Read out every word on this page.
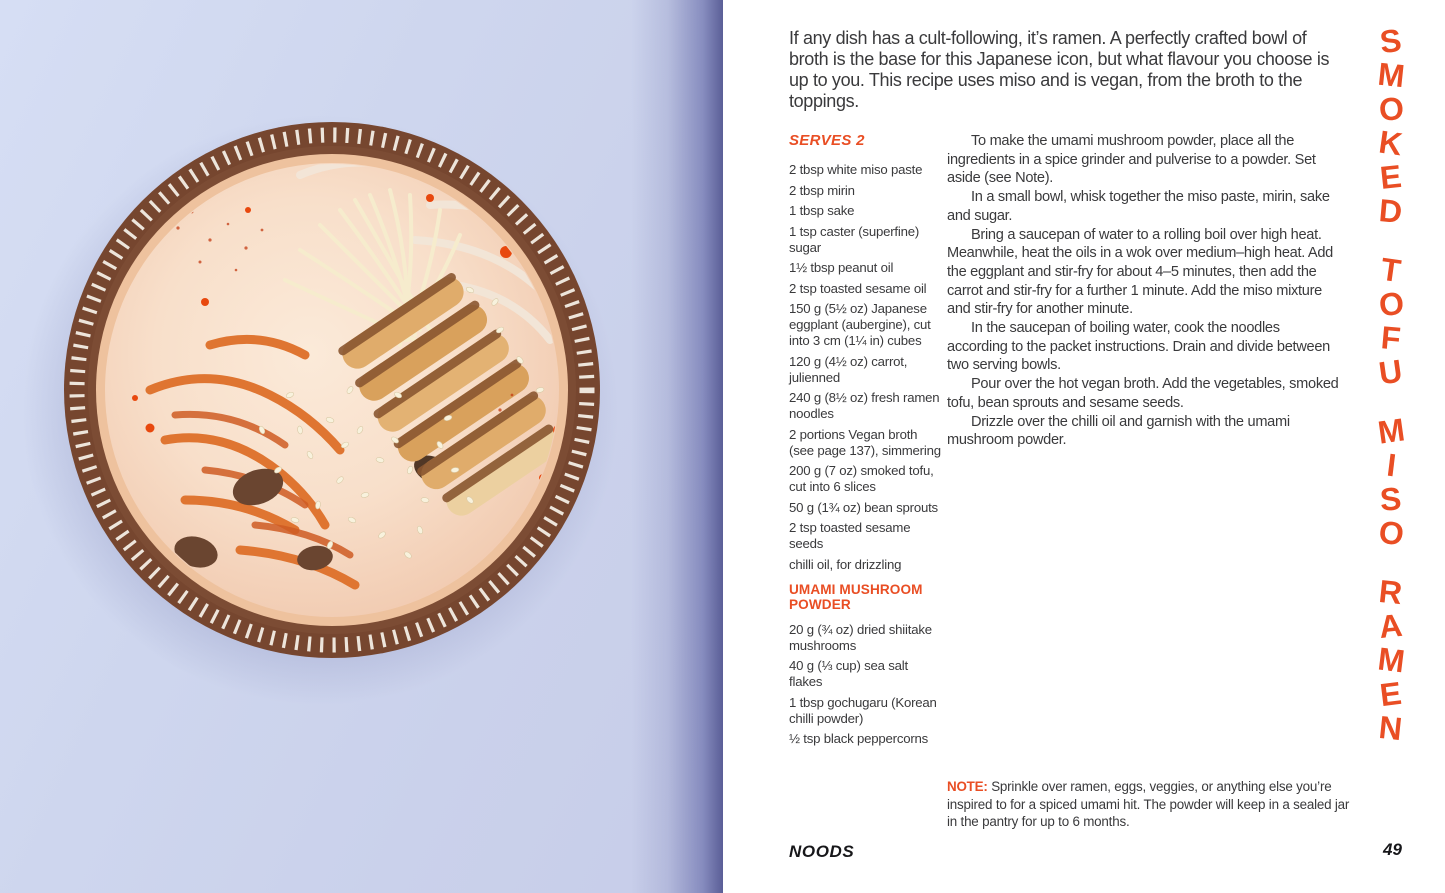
If any dish has a cult-following, it’s ramen. A perfectly crafted bowl of broth is the base for this Japanese icon, but what flavour you choose is up to you. This recipe uses miso and is vegan, from the broth to the toppings.

SERVES 2
2 tbsp white miso paste
2 tbsp mirin
1 tbsp sake
1 tsp caster (superfine) sugar
1½ tbsp peanut oil
2 tsp toasted sesame oil
150 g (5½ oz) Japanese eggplant (aubergine), cut into 3 cm (1¼ in) cubes
120 g (4½ oz) carrot, julienned
240 g (8½ oz) fresh ramen noodles
2 portions Vegan broth (see page 137), simmering
200 g (7 oz) smoked tofu, cut into 6 slices
50 g (1¾ oz) bean sprouts
2 tsp toasted sesame seeds
chilli oil, for drizzling
UMAMI MUSHROOM POWDER
20 g (¾ oz) dried shiitake mushrooms
40 g (⅓ cup) sea salt flakes
1 tbsp gochugaru (Korean chilli powder)
½ tsp black peppercorns

To make the umami mushroom powder, place all the ingredients in a spice grinder and pulverise to a powder. Set aside (see Note).

In a small bowl, whisk together the miso paste, mirin, sake and sugar.

Bring a saucepan of water to a rolling boil over high heat. Meanwhile, heat the oils in a wok over medium–high heat. Add the eggplant and stir-fry for about 4–5 minutes, then add the carrot and stir-fry for a further 1 minute. Add the miso mixture and stir-fry for another minute.

In the saucepan of boiling water, cook the noodles according to the packet instructions. Drain and divide between two serving bowls.

Pour over the hot vegan broth. Add the vegetables, smoked tofu, bean sprouts and sesame seeds.

Drizzle over the chilli oil and garnish with the umami mushroom powder.

NOTE: Sprinkle over ramen, eggs, veggies, or anything else you’re inspired to for a spiced umami hit. The powder will keep in a sealed jar in the pantry for up to 6 months.

NOODS	49
S
M
O
K
E
D
T
O
F
U
M
I
S
O
R
A
M
E
N
